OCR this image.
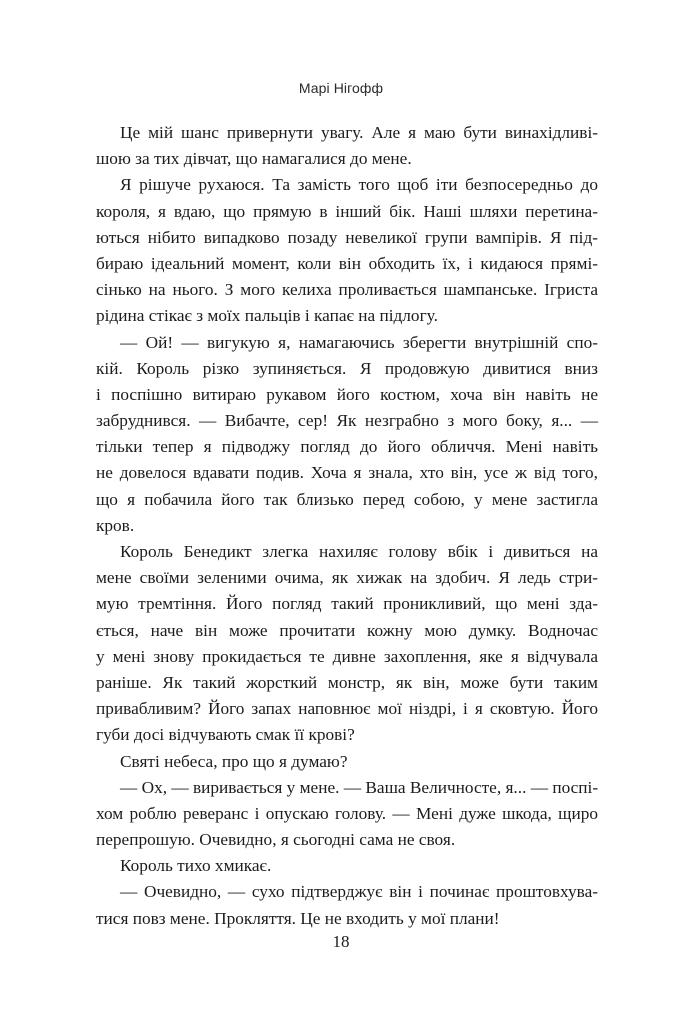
Марі Нігофф
Це мій шанс привернути увагу. Але я маю бути винахідливі-
шою за тих дівчат, що намагалися до мене.
Я рішуче рухаюся. Та замість того щоб іти безпосередньо до
короля, я вдаю, що прямую в інший бік. Наші шляхи перетина-
ються нібито випадково позаду невеликої групи вампірів. Я під-
бираю ідеальний момент, коли він обходить їх, і кидаюся прямі-
сінько на нього. З мого келиха проливається шампанське. Ігриста
рідина стікає з моїх пальців і капає на підлогу.
— Ой! — вигукую я, намагаючись зберегти внутрішній спо-
кій. Король різко зупиняється. Я продовжую дивитися вниз
і поспішно витираю рукавом його костюм, хоча він навіть не
забруднився. — Вибачте, сер! Як незграбно з мого боку, я... —
тільки тепер я підводжу погляд до його обличчя. Мені навіть
не довелося вдавати подив. Хоча я знала, хто він, усе ж від того,
що я побачила його так близько перед собою, у мене застигла
кров.
Король Бенедикт злегка нахиляє голову вбік і дивиться на
мене своїми зеленими очима, як хижак на здобич. Я ледь стри-
мую тремтіння. Його погляд такий проникливий, що мені зда-
ється, наче він може прочитати кожну мою думку. Водночас
у мені знову прокидається те дивне захоплення, яке я відчувала
раніше. Як такий жорсткий монстр, як він, може бути таким
привабливим? Його запах наповнює мої ніздрі, і я сковтую. Його
губи досі відчувають смак її крові?
Святі небеса, про що я думаю?
— Ох, — виривається у мене. — Ваша Величносте, я... — поспі-
хом роблю реверанс і опускаю голову. — Мені дуже шкода, щиро
перепрошую. Очевидно, я сьогодні сама не своя.
Король тихо хмикає.
— Очевидно, — сухо підтверджує він і починає проштовхува-
тися повз мене. Прокляття. Це не входить у мої плани!
18
